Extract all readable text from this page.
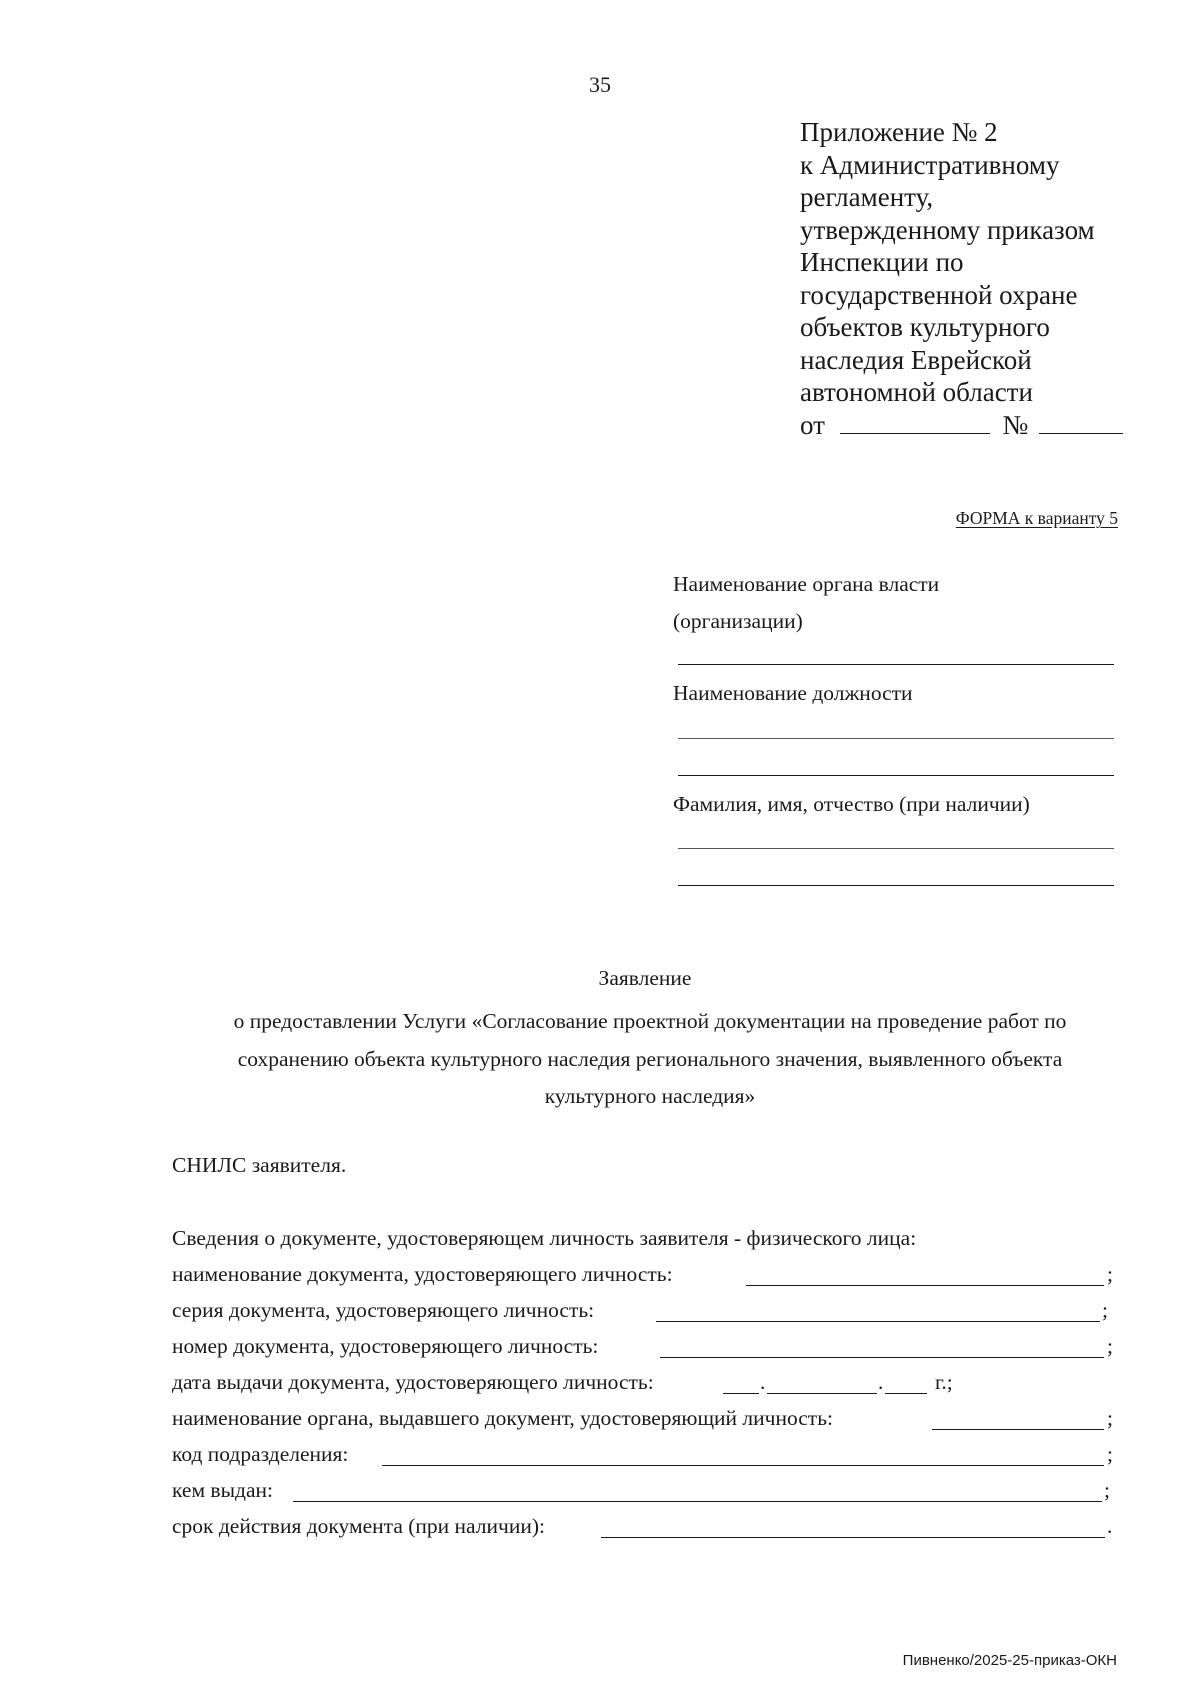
35
Приложение № 2
к Административному
регламенту,
утвержденному приказом
Инспекции по
государственной охране
объектов культурного
наследия Еврейской
автономной области
от	№
ФОРМА к варианту 5
Наименование органа власти
(организации)
Наименование должности
Фамилия, имя, отчество (при наличии)
Заявление
о предоставлении Услуги «Согласование проектной документации на проведение работ по
сохранению объекта культурного наследия регионального значения, выявленного объекта
культурного наследия»
СНИЛС заявителя.
Сведения о документе, удостоверяющем личность заявителя - физического лица:
наименование документа, удостоверяющего личность:	;
серия документа, удостоверяющего личность:	;
номер документа, удостоверяющего личность:	;
дата выдачи документа, удостоверяющего личность:	.	. г.;
наименование органа, выдавшего документ, удостоверяющий личность:	;
код подразделения:	;
кем выдан:	;
срок действия документа (при наличии):	.
Пивненко/2025-25-приказ-ОКН
